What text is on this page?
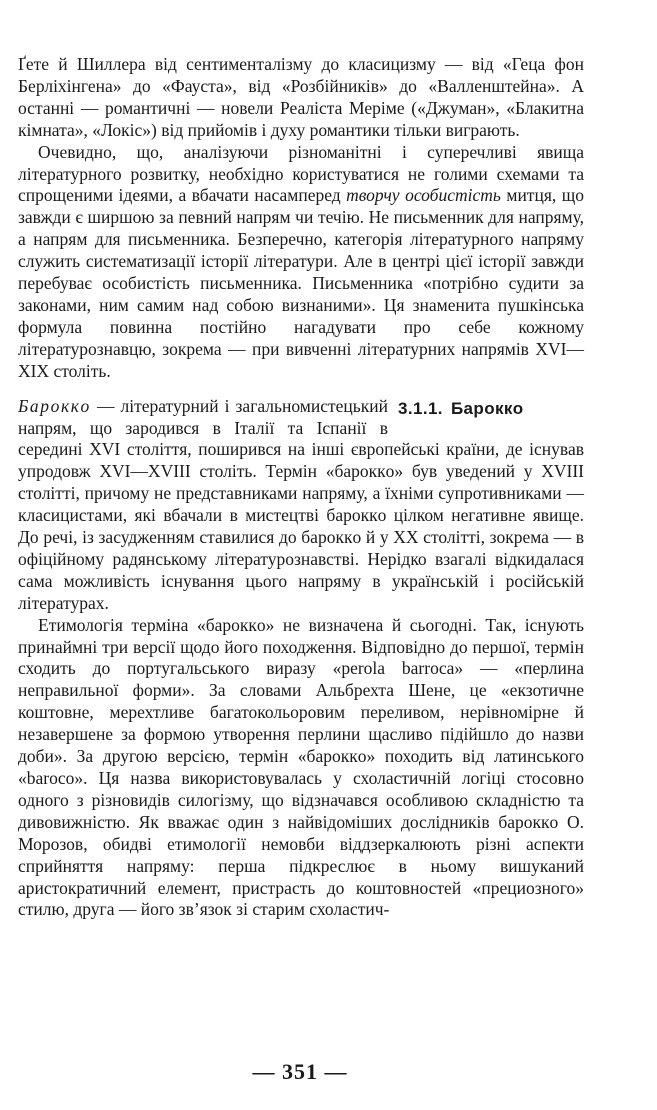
Ґете й Шиллера від сентименталізму до класицизму — від «Геца фон Берліхінгена» до «Фауста», від «Розбійників» до «Валленштейна». А останні — романтичні — новели Реаліста Меріме («Джуман», «Блакитна кімната», «Локіс») від прийомів і духу романтики тільки виграють.

Очевидно, що, аналізуючи різноманітні і суперечливі явища літературного розвитку, необхідно користуватися не голими схемами та спрощеними ідеями, а вбачати насамперед творчу особистість митця, що завжди є ширшою за певний напрям чи течію. Не письменник для напряму, а напрям для письменника. Безперечно, категорія літературного напряму служить систематизації історії літератури. Але в центрі цієї історії завжди перебуває особистість письменника. Письменника «потрібно судити за законами, ним самим над собою визнаними». Ця знаменита пушкінська формула повинна постійно нагадувати про себе кожному літературознавцю, зокрема — при вивченні літературних напрямів XVI—XIX століть.

3.1.1. Бароккo

Бароккo — літературний і загальномистецький напрям, що зародився в Італії та Іспанії в середині XVI століття, поширився на інші європейські країни, де існував упродовж XVI—XVIII століть. Термін «бароккo» був уведений у XVIII столітті, причому не представниками напряму, а їхніми супротивниками — класицистами, які вбачали в мистецтві бароккo цілком негативне явище. До речі, із засудженням ставилися до бароккo й у XX столітті, зокрема — в офіційному радянському літературознавстві. Нерідко взагалі відкидалася сама можливість існування цього напряму в українській і російській літературах.

Етимологія терміна «бароккo» не визначена й сьогодні. Так, існують принаймні три версії щодо його походження. Відповідно до першої, термін сходить до португальського виразу «perola barroca» — «перлина неправильної форми». За словами Альбрехта Шене, це «екзотичне коштовне, мерехтливе багатокольоровим переливом, нерівномірне й незавершене за формою утворення перлини щасливо підійшло до назви доби». За другою версією, термін «бароккo» походить від латинського «barocо». Ця назва використовувалась у схоластичній логіці стосовно одного з різновидів силогізму, що відзначався особливою складністю та дивовижністю. Як вважає один з найвідоміших дослідників бароккo О. Морозов, обидві етимології немовби віддзеркалюють різні аспекти сприйняття напряму: перша підкреслює в ньому вишуканий аристократичний елемент, пристрасть до коштовностей «прециозного» стилю, друга — його зв’язок зі старим схоластич-

— 351 —
